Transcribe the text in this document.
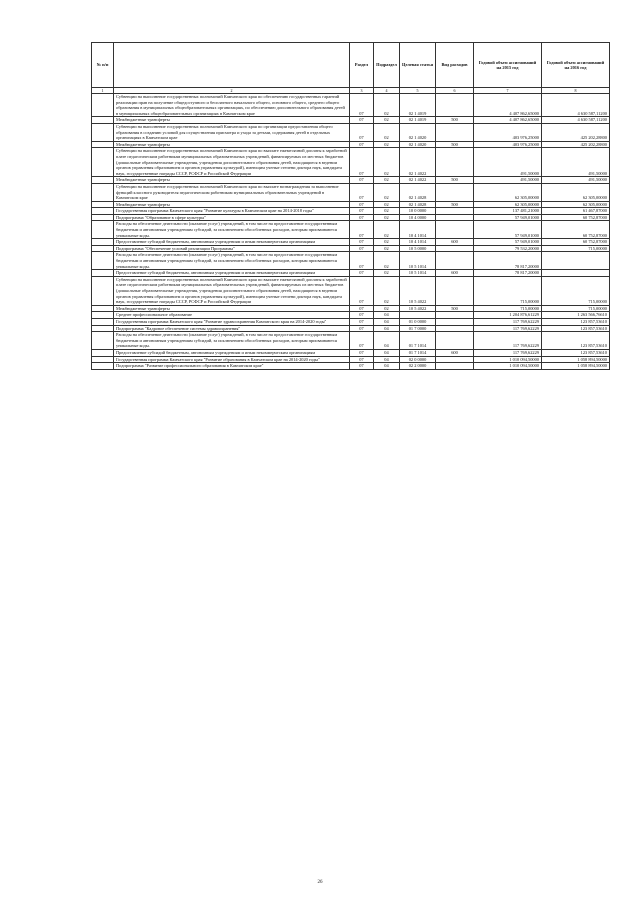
№ п/п		Раздел	Подраздел	Целевая статья	Вид расходов	Годовой объем ассигнований на 2015 год	Годовой объем ассигнований на 2016 год
1	2	3	4	5	6	7	8
	Субвенции на выполнение государственных полномочий Камчатского края по обеспечению государственных гарантий реализации прав на получение общедоступного и бесплатного начального общего, основного общего, среднего общего образования в муниципальных общеобразовательных организациях, по обеспечению дополнительного образования детей в муниципальных общеобразовательных организациях в Камчатском крае	07	02	02 1 4019		4 407 862,65000	4 630 587,11200
	Межбюджетные трансферты	07	02	02 1 4019	500	4 407 862,65000	4 630 587,11200
	Субвенции на выполнение государственных полномочий Камчатского края по организации предоставления общего образования в созданию условий для осуществления присмотра и ухода за детьми, содержания детей в отдельных организациях в Камчатском крае	07	02	02 1 4020		403 976,25000	425 202,28800
	Межбюджетные трансферты	07	02	02 1 4020	500	403 976,25000	425 202,28800
	Субвенции на выполнение государственных полномочий Камчатского края по выплате ежемесячной доплаты к заработной плате педагогическим работникам муниципальных образовательных учреждений, финансируемых из местных бюджетов (дошкольные образовательные учреждения, учреждения дополнительного образования детей, находящиеся в ведении органов управления образованием и органов управления культурой), имеющим ученые степени доктора наук, кандидата наук, государственные награды СССР, РСФСР и Российской Федерации	07	02	02 1 4022		491,50000	491,50000
	Межбюджетные трансферты	07	02	02 1 4022	500	491,50000	491,50000
	Субвенции на выполнение государственных полномочий Камчатского края по выплате вознаграждения за выполнение функций классного руководителя педагогическим работникам муниципальных образовательных учреждений в Камчатском крае	07	02	02 1 4028		62 305,00000	62 305,00000
	Межбюджетные трансферты	07	02	02 1 4028	500	62 305,00000	62 305,00000
	Государственная программа Камчатского края "Развитие культуры в Камчатском крае на 2014-2018 годы"	07	02	10 0 0000		137 481,21000	61 467,87000
	Подпрограмма "Образование в сфере культуры"	07	02	10 4 0000		57 949,01000	60 752,87000
	Расходы на обеспечение деятельности (оказание услуг) учреждений, в том числе на предоставление государственным бюджетным и автономным учреждениям субсидий, за исключением обособленных расходов, которым присваиваются уникальные коды.	07	02	10 4 1014		57 949,01000	60 752,87000
	Предоставление субсидий бюджетным, автономным учреждениям и иным некоммерческим организациям	07	02	10 4 1014	600	57 949,01000	60 752,87000
	Подпрограмма "Обеспечение условий реализации Программы"	07	02	10 5 0000		79 532,20000	715,00000
	Расходы на обеспечение деятельности (оказание услуг) учреждений, в том числе на предоставление государственным бюджетным и автономным учреждениям субсидий, за исключением обособленных расходов, которым присваиваются уникальные коды.	07	02	10 5 1014		78 817,20000	
	Предоставление субсидий бюджетным, автономным учреждениям и иным некоммерческим организациям	07	02	10 5 1014	600	78 817,20000	
	Субвенции на выполнение государственных полномочий Камчатского края по выплате ежемесячной доплаты к заработной плате педагогическим работникам муниципальных образовательных учреждений, финансируемых из местных бюджетов (дошкольные образовательные учреждения, учреждения дополнительного образования детей, находящиеся в ведении органов управления образованием и органов управления культурой), имеющим ученые степени доктора наук, кандидата наук, государственные награды СССР, РСФСР и Российской Федерации	07	02	10 5 4022		715,00000	715,00000
	Межбюджетные трансферты	07	02	10 5 4022	500	715,00000	715,00000
	Среднее профессиональное образование	07	04			1 204 876,61229	1 263 566,76610
	Государственная программа Камчатского края "Развитие здравоохранения Камчатского края на 2014-2020 годы"	07	04	01 0 0000		117 769,62229	123 857,53610
	Подпрограмма "Кадровое обеспечение системы здравоохранения"	07	04	01 7 0000		117 769,62229	123 857,53610
	Расходы на обеспечение деятельности (оказание услуг) учреждений, в том числе на предоставление государственным бюджетным и автономным учреждениям субсидий, за исключением обособленных расходов, которым присваиваются уникальные коды.	07	04	01 7 1014		117 769,62229	123 857,53610
	Предоставление субсидий бюджетным, автономным учреждениям и иным некоммерческим организациям	07	04	01 7 1014	600	117 769,62229	123 857,53610
	Государственная программа Камчатского края "Развитие образования в Камчатском крае на 2014-2020 годы"	07	04	02 0 0000		1 010 094,50000	1 058 894,50000
	Подпрограмма "Развитие профессионального образования в Камчатском крае"	07	04	02 2 0000		1 010 094,50000	1 058 894,50000
26
